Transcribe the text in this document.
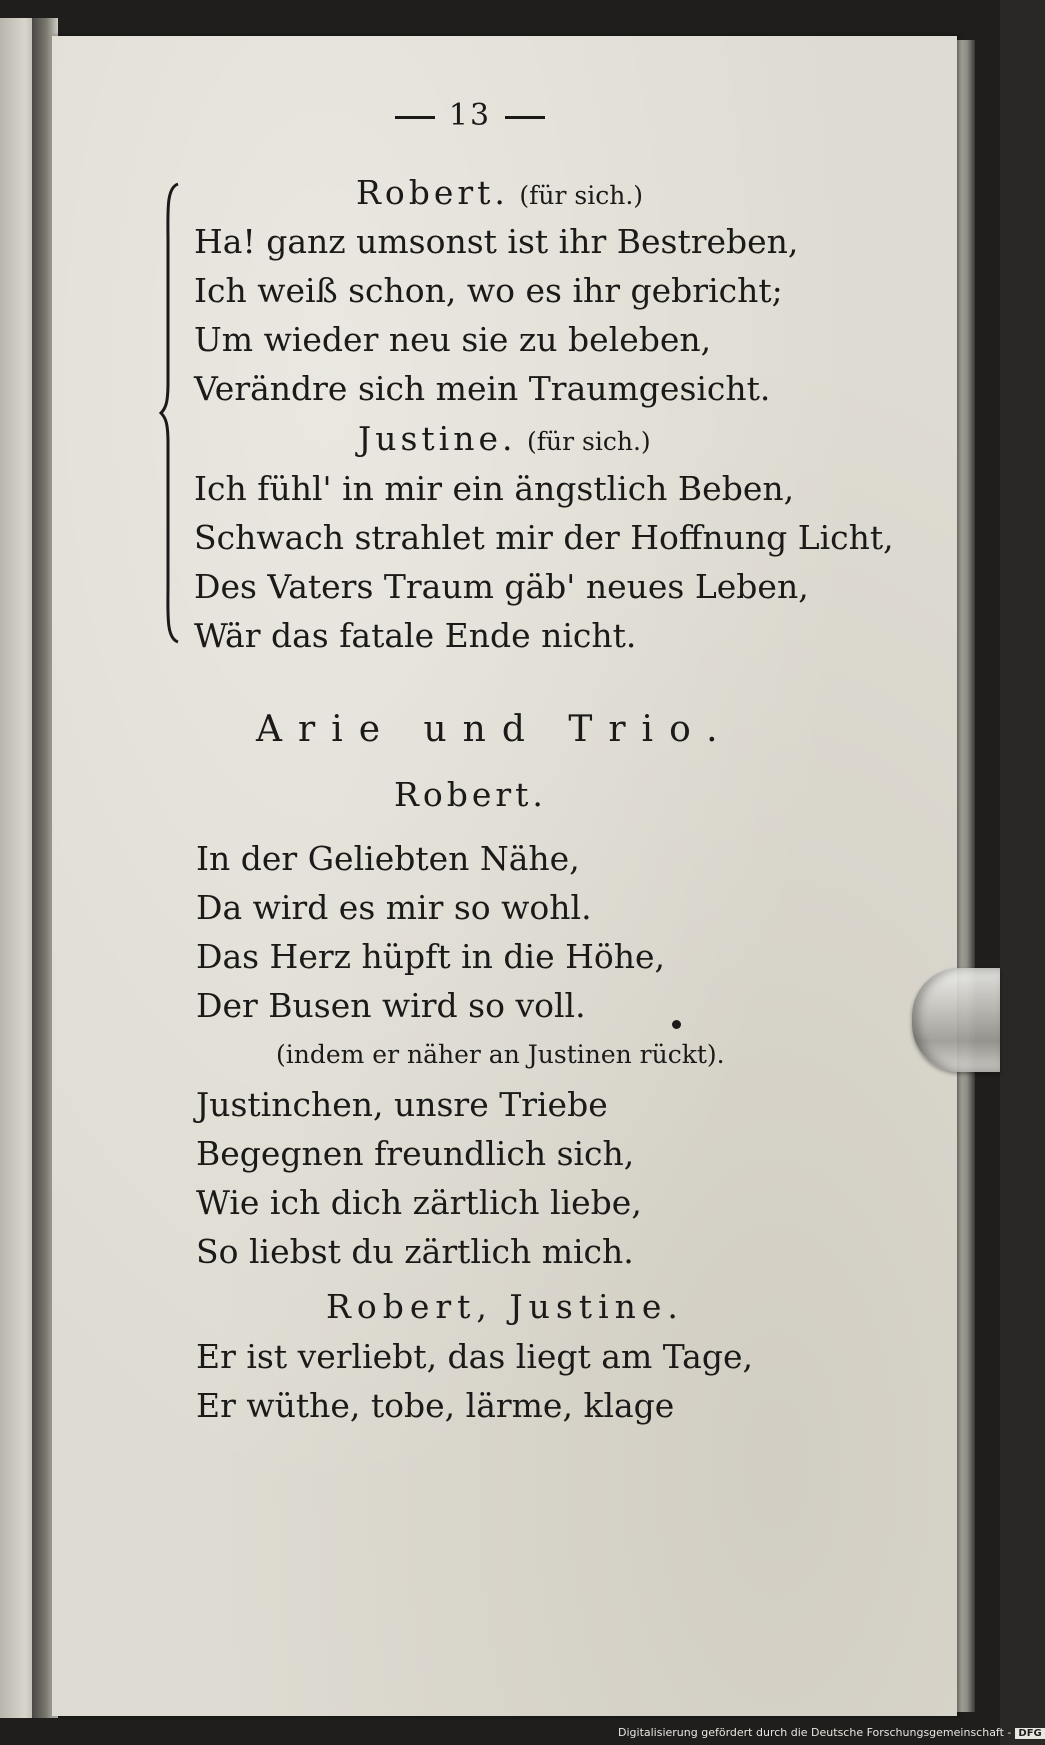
13
Robert. (für sich.)
Ha! ganz umsonst ist ihr Bestreben,
Ich weiß schon, wo es ihr gebricht;
Um wieder neu sie zu beleben,
Verändre sich mein Traumgesicht.
Justine. (für sich.)
Ich fühl' in mir ein ängstlich Beben,
Schwach strahlet mir der Hoffnung Licht,
Des Vaters Traum gäb' neues Leben,
Wär das fatale Ende nicht.
Arie und Trio.
Robert.
In der Geliebten Nähe,
Da wird es mir so wohl.
Das Herz hüpft in die Höhe,
Der Busen wird so voll.
(indem er näher an Justinen rückt).
Justinchen, unsre Triebe
Begegnen freundlich sich,
Wie ich dich zärtlich liebe,
So liebst du zärtlich mich.
Robert, Justine.
Er ist verliebt, das liegt am Tage,
Er wüthe, tobe, lärme, klage
Digitalisierung gefördert durch die Deutsche Forschungsgemeinschaft - DFG
